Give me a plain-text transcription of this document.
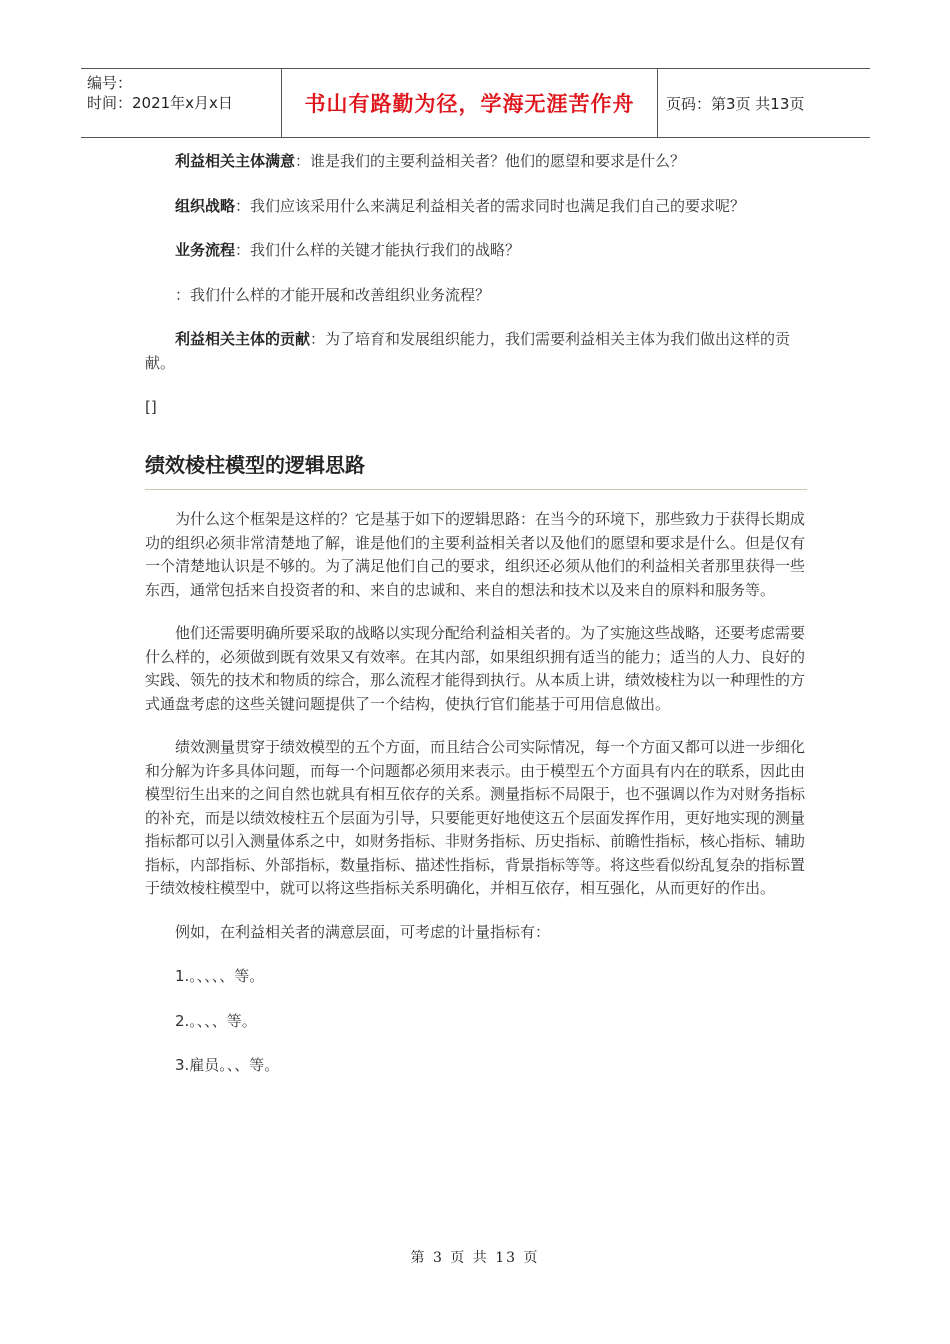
编号：
时间：2021年x月x日	书山有路勤为径，学海无涯苦作舟 页码：第3页 共13页

利益相关主体满意：谁是我们的主要利益相关者？他们的愿望和要求是什么？

组织战略：我们应该采用什么来满足利益相关者的需求同时也满足我们自己的要求呢？

业务流程：我们什么样的关键才能执行我们的战略？

：我们什么样的才能开展和改善组织业务流程？

利益相关主体的贡献：为了培育和发展组织能力，我们需要利益相关主体为我们做出这样的贡献。

[]

绩效棱柱模型的逻辑思路

为什么这个框架是这样的？它是基于如下的逻辑思路：在当今的环境下，那些致力于获得长期成功的组织必须非常清楚地了解，谁是他们的主要利益相关者以及他们的愿望和要求是什么。但是仅有一个清楚地认识是不够的。为了满足他们自己的要求，组织还必须从他们的利益相关者那里获得一些东西，通常包括来自投资者的和、来自的忠诚和、来自的想法和技术以及来自的原料和服务等。

他们还需要明确所要采取的战略以实现分配给利益相关者的。为了实施这些战略，还要考虑需要什么样的，必须做到既有效果又有效率。在其内部，如果组织拥有适当的能力；适当的人力、良好的实践、领先的技术和物质的综合，那么流程才能得到执行。从本质上讲，绩效棱柱为以一种理性的方式通盘考虑的这些关键问题提供了一个结构，使执行官们能基于可用信息做出。

绩效测量贯穿于绩效模型的五个方面，而且结合公司实际情况，每一个方面又都可以进一步细化和分解为许多具体问题，而每一个问题都必须用来表示。由于模型五个方面具有内在的联系，因此由模型衍生出来的之间自然也就具有相互依存的关系。测量指标不局限于，也不强调以作为对财务指标的补充，而是以绩效棱柱五个层面为引导，只要能更好地使这五个层面发挥作用，更好地实现的测量指标都可以引入测量体系之中，如财务指标、非财务指标、历史指标、前瞻性指标，核心指标、辅助指标，内部指标、外部指标，数量指标、描述性指标，背景指标等等。将这些看似纷乱复杂的指标置于绩效棱柱模型中，就可以将这些指标关系明确化，并相互依存，相互强化，从而更好的作出。

例如，在利益相关者的满意层面，可考虑的计量指标有：

1.。、、、、等。

2.。、、、等。

3.雇员。、、等。

第 3 页 共 13 页
